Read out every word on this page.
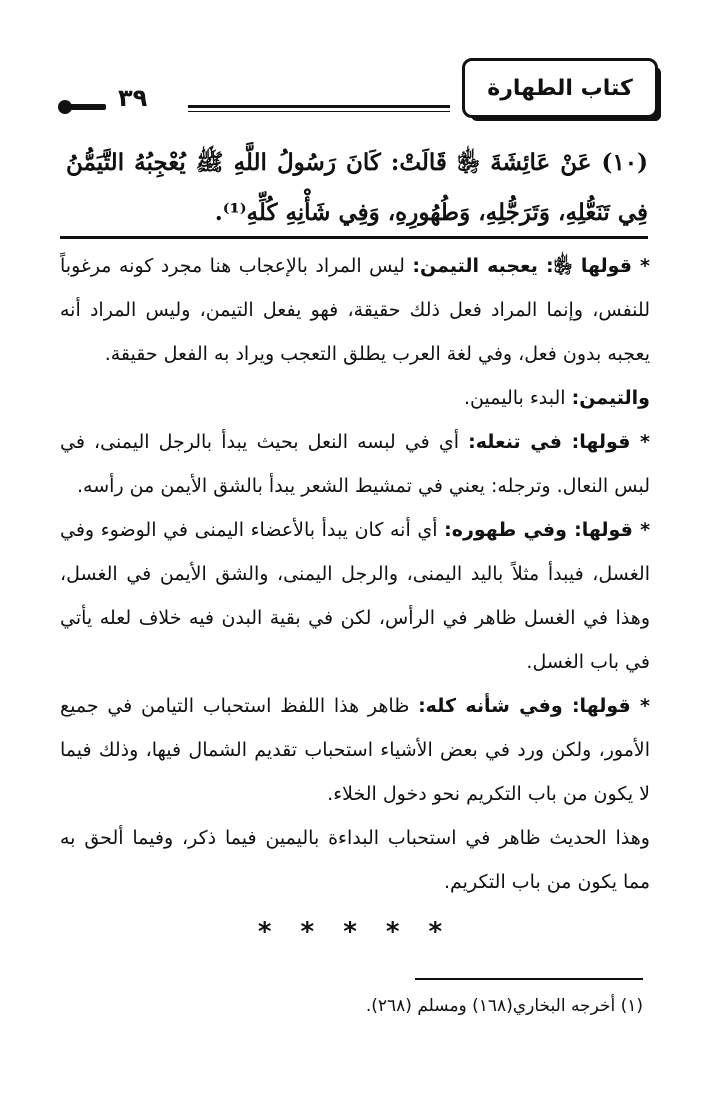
كتاب الطهارة
٣٩
(١٠) عَنْ عَائِشَةَ ﵂ قَالَتْ: كَانَ رَسُولُ اللَّهِ ﷺ يُعْجِبُهُ التَّيَمُّنُ فِي تَنَعُّلِهِ، وَتَرَجُّلِهِ، وَطُهُورِهِ، وَفِي شَأْنِهِ كُلِّهِ⁽¹⁾.

* قولها ﵂: يعجبه التيمن: ليس المراد بالإعجاب هنا مجرد كونه مرغوباً للنفس، وإنما المراد فعل ذلك حقيقة، فهو يفعل التيمن، وليس المراد أنه يعجبه بدون فعل، وفي لغة العرب يطلق التعجب ويراد به الفعل حقيقة.

والتيمن: البدء باليمين.

* قولها: في تنعله: أي في لبسه النعل بحيث يبدأ بالرجل اليمنى، في لبس النعال. وترجله: يعني في تمشيط الشعر يبدأ بالشق الأيمن من رأسه.

* قولها: وفي طهوره: أي أنه كان يبدأ بالأعضاء اليمنى في الوضوء وفي الغسل، فيبدأ مثلاً باليد اليمنى، والرجل اليمنى، والشق الأيمن في الغسل، وهذا في الغسل ظاهر في الرأس، لكن في بقية البدن فيه خلاف لعله يأتي في باب الغسل.

* قولها: وفي شأنه كله: ظاهر هذا اللفظ استحباب التيامن في جميع الأمور، ولكن ورد في بعض الأشياء استحباب تقديم الشمال فيها، وذلك فيما لا يكون من باب التكريم نحو دخول الخلاء.

وهذا الحديث ظاهر في استحباب البداءة باليمين فيما ذكر، وفيما ألحق به مما يكون من باب التكريم.

* * * * *
(١) أخرجه البخاري(١٦٨) ومسلم (٢٦٨).
